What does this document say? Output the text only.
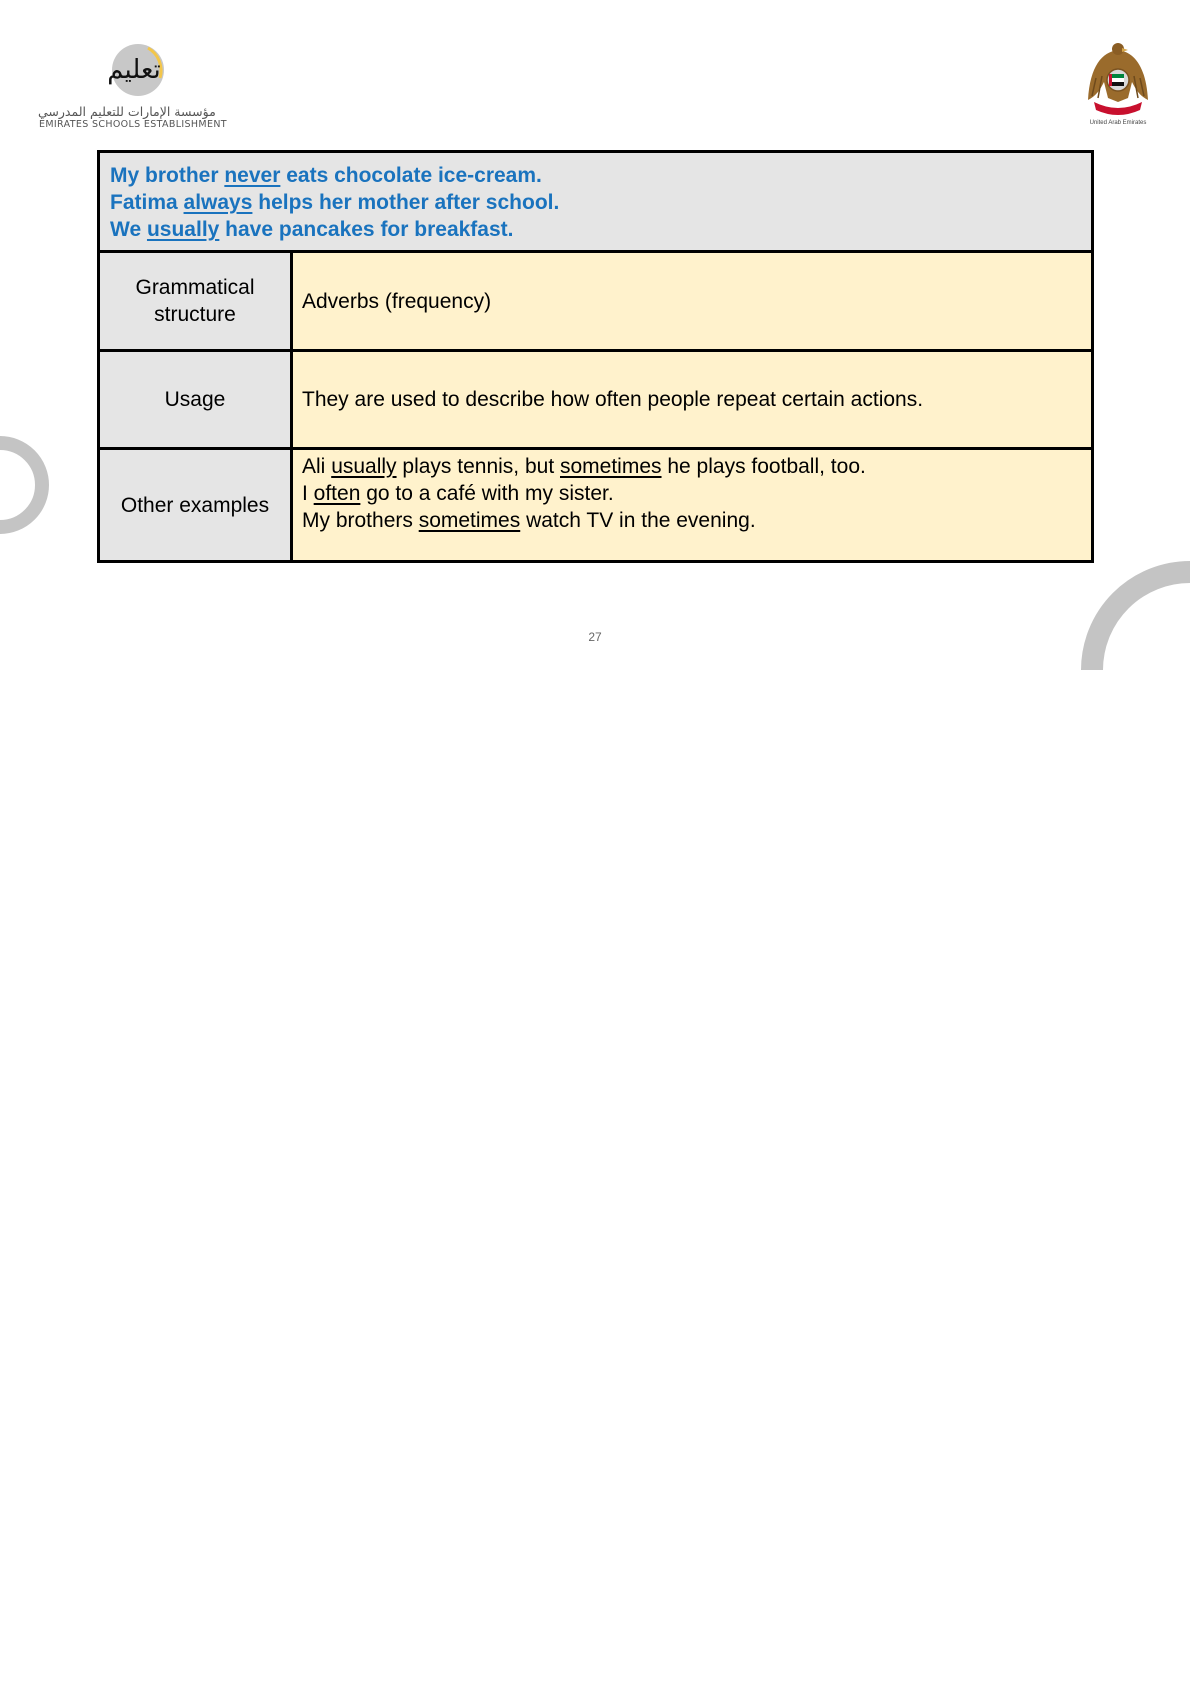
تعليم
مؤسسة الإمارات للتعليم المدرسي
EMIRATES SCHOOLS ESTABLISHMENT	United Arab Emirates
My brother never eats chocolate ice-cream.
Fatima always helps her mother after school.
We usually have pancakes for breakfast.
Grammatical structure
Adverbs (frequency)
Usage	They are used to describe how often people repeat certain actions.
Other examples
Ali usually plays tennis, but sometimes he plays football, too.
I often go to a café with my sister.
My brothers sometimes watch TV in the evening.
27
